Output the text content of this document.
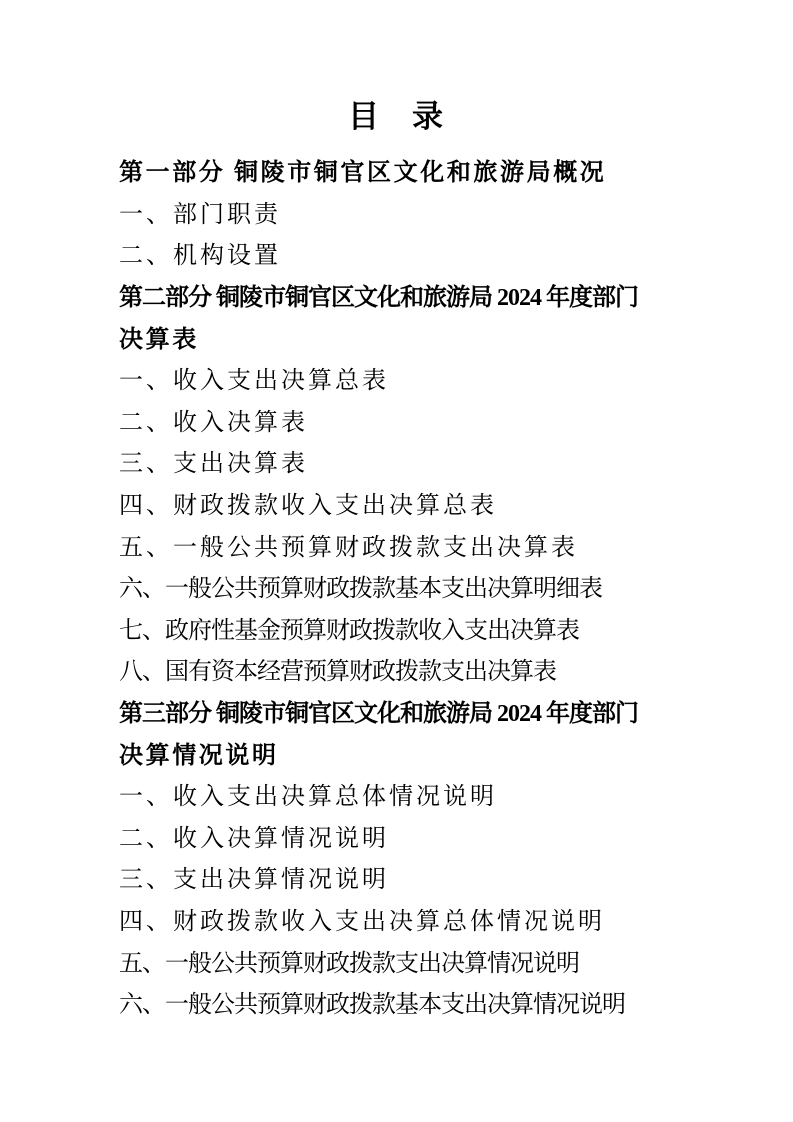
目　录
第一部分 铜陵市铜官区文化和旅游局概况
一、部门职责
二、机构设置
第二部分 铜陵市铜官区文化和旅游局 2024 年度部门
决算表
一、收入支出决算总表
二、收入决算表
三、支出决算表
四、财政拨款收入支出决算总表
五、一般公共预算财政拨款支出决算表
六、一般公共预算财政拨款基本支出决算明细表
七、政府性基金预算财政拨款收入支出决算表
八、国有资本经营预算财政拨款支出决算表
第三部分 铜陵市铜官区文化和旅游局 2024 年度部门
决算情况说明
一、收入支出决算总体情况说明
二、收入决算情况说明
三、支出决算情况说明
四、财政拨款收入支出决算总体情况说明
五、一般公共预算财政拨款支出决算情况说明
六、一般公共预算财政拨款基本支出决算情况说明
